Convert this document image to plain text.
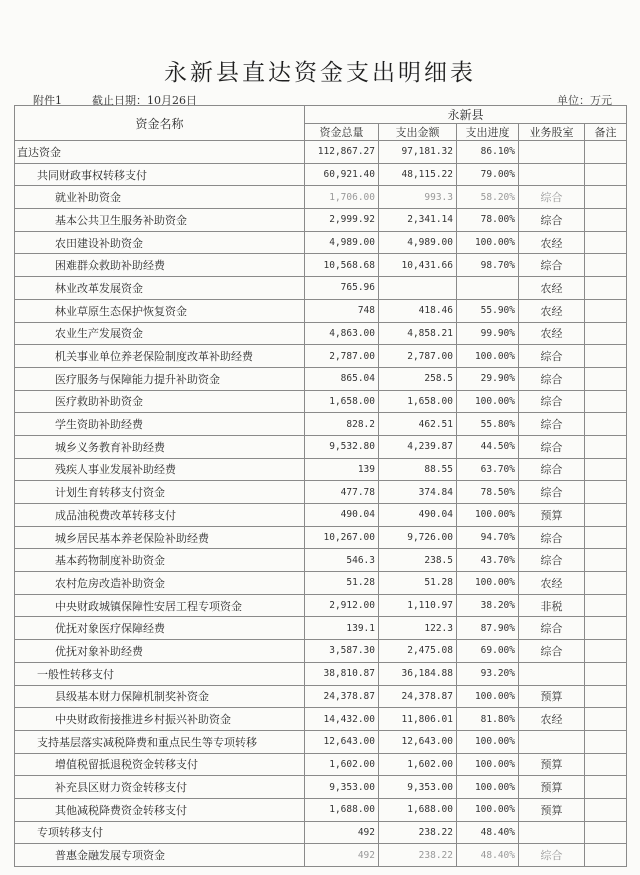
永新县直达资金支出明细表
附件1	截止日期：10月26日	单位：万元
资金名称	永新县				
	资金总量	支出金额	支出进度	业务股室	备注
直达资金	112,867.27	97,181.32	86.10%		
共同财政事权转移支付	60,921.40	48,115.22	79.00%		
就业补助资金	1,706.00	993.3	58.20%	综合	
基本公共卫生服务补助资金	2,999.92	2,341.14	78.00%	综合	
农田建设补助资金	4,989.00	4,989.00	100.00%	农经	
困难群众救助补助经费	10,568.68	10,431.66	98.70%	综合	
林业改革发展资金	765.96			农经	
林业草原生态保护恢复资金	748	418.46	55.90%	农经	
农业生产发展资金	4,863.00	4,858.21	99.90%	农经	
机关事业单位养老保险制度改革补助经费	2,787.00	2,787.00	100.00%	综合	
医疗服务与保障能力提升补助资金	865.04	258.5	29.90%	综合	
医疗救助补助资金	1,658.00	1,658.00	100.00%	综合	
学生资助补助经费	828.2	462.51	55.80%	综合	
城乡义务教育补助经费	9,532.80	4,239.87	44.50%	综合	
残疾人事业发展补助经费	139	88.55	63.70%	综合	
计划生育转移支付资金	477.78	374.84	78.50%	综合	
成品油税费改革转移支付	490.04	490.04	100.00%	预算	
城乡居民基本养老保险补助经费	10,267.00	9,726.00	94.70%	综合	
基本药物制度补助资金	546.3	238.5	43.70%	综合	
农村危房改造补助资金	51.28	51.28	100.00%	农经	
中央财政城镇保障性安居工程专项资金	2,912.00	1,110.97	38.20%	非税	
优抚对象医疗保障经费	139.1	122.3	87.90%	综合	
优抚对象补助经费	3,587.30	2,475.08	69.00%	综合	
一般性转移支付	38,810.87	36,184.88	93.20%		
县级基本财力保障机制奖补资金	24,378.87	24,378.87	100.00%	预算	
中央财政衔接推进乡村振兴补助资金	14,432.00	11,806.01	81.80%	农经	
支持基层落实减税降费和重点民生等专项转移	12,643.00	12,643.00	100.00%		
增值税留抵退税资金转移支付	1,602.00	1,602.00	100.00%	预算	
补充县区财力资金转移支付	9,353.00	9,353.00	100.00%	预算	
其他减税降费资金转移支付	1,688.00	1,688.00	100.00%	预算	
专项转移支付	492	238.22	48.40%		
普惠金融发展专项资金	492	238.22	48.40%	综合	
